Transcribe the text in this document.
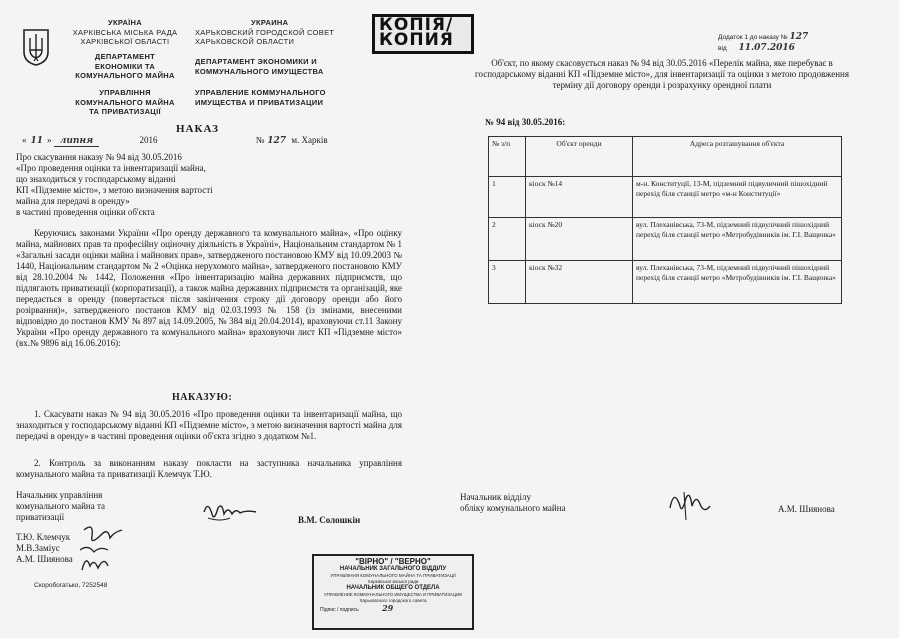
УКРАЇНА
ХАРКІВСЬКА МІСЬКА РАДА
ХАРКІВСЬКОЇ ОБЛАСТІ
ДЕПАРТАМЕНТ
ЕКОНОМІКИ ТА
КОМУНАЛЬНОГО МАЙНА
УПРАВЛІННЯ
КОМУНАЛЬНОГО МАЙНА
ТА ПРИВАТИЗАЦІЇ
УКРАИНА
ХАРЬКОВСКИЙ ГОРОДСКОЙ СОВЕТ
ХАРЬКОВСКОЙ ОБЛАСТИ
ДЕПАРТАМЕНТ ЭКОНОМИКИ И
КОММУНАЛЬНОГО ИМУЩЕСТВА
УПРАВЛЕНИЕ КОММУНАЛЬНОГО
ИМУЩЕСТВА И ПРИВАТИЗАЦИИ
КОПІЯ/КОПИЯ
НАКАЗ
« 11 » липня	2016	№ 127 м. Харків
Про скасування наказу № 94 від 30.05.2016
«Про проведення оцінки та інвентаризації майна,
що знаходиться у господарському віданні
КП «Підземне місто», з метою визначення вартості
майна для передачі в оренду»
в частині проведення оцінки об'єкта
Керуючись законами України «Про оренду державного та комунального майна», «Про оцінку майна, майнових прав та професійну оціночну діяльність в Україні», Національним стандартом № 1 «Загальні засади оцінки майна і майнових прав», затвердженого постановою КМУ від 10.09.2003 № 1440, Національним стандартом № 2 «Оцінка нерухомого майна», затвердженого постановою КМУ від 28.10.2004 № 1442, Положення «Про інвентаризацію майна державних підприємств, що підлягають приватизації (корпоратизації), а також майна державних підприємств та організацій, яке передається в оренду (повертається після закінчення строку дії договору оренди або його розірвання)», затвердженого постанов КМУ від 02.03.1993 № 158 (із змінами, внесеними відповідно до постанов КМУ № 897 від 14.09.2005, № 384 від 20.04.2014), враховуючи ст.11 Закону України «Про оренду державного та комунального майна» враховуючи лист КП «Підземне місто» (вх.№ 9896 від 16.06.2016):
НАКАЗУЮ:
1. Скасувати наказ № 94 від 30.05.2016 «Про проведення оцінки та інвентаризації майна, що знаходиться у господарському віданні КП «Підземне місто», з метою визначення вартості майна для передачі в оренду» в частині проведення оцінки об'єкта згідно з додатком №1.
2. Контроль за виконанням наказу покласти на заступника начальника управління комунального майна та приватизації Клемчук Т.Ю.
Начальник управління
комунального майна та
приватизації	В.М. Солошкін
Т.Ю. Клемчук
М.В.Заміус
А.М. Шиянова
Скоробогатько, 7252548
"ВІРНО" / "ВЕРНО"
НАЧАЛЬНИК ЗАГАЛЬНОГО ВІДДІЛУ
УПРАВЛІННЯ КОМУНАЛЬНОГО МАЙНА ТА ПРИВАТИЗАЦІЇ
Харківської міської ради
НАЧАЛЬНИК ОБЩЕГО ОТДЕЛА
УПРАВЛЕНИЕ КОММУНАЛЬНОГО ИМУЩЕСТВА И ПРИВАТИЗАЦИИ
Харьковского городского совета
Підпис / подпись	29
Додаток 1 до наказу № 127
від 11.07.2016
Об'єкт, по якому скасовується наказ № 94 від 30.05.2016 «Перелік майна, яке перебуває в господарському віданні КП «Підземне місто», для інвентаризації та оцінки з метою продовження терміну дії договору оренди і розрахунку орендної плати
№ 94 від 30.05.2016:
№ з/п	Об'єкт оренди	Адреса розташування об'єкта
1	кіоск №14	м-н. Конституції, 13-М, підземний підвуличний пішохідний перехід біля станції метро «м-н Конституції»
2	кіоск №20	вул. Плеханівська, 73-М, підземний підвулічний пішохідний перехід біля станції метро «Метробудівників ім. Г.І. Ващенка»
3	кіоск №32	вул. Плеханівська, 73-М, підземний підвулічний пішохідний перехід біля станції метро «Метробудівників ім. Г.І. Ващенка»
Начальник відділу
обліку комунального майна	А.М. Шиянова
